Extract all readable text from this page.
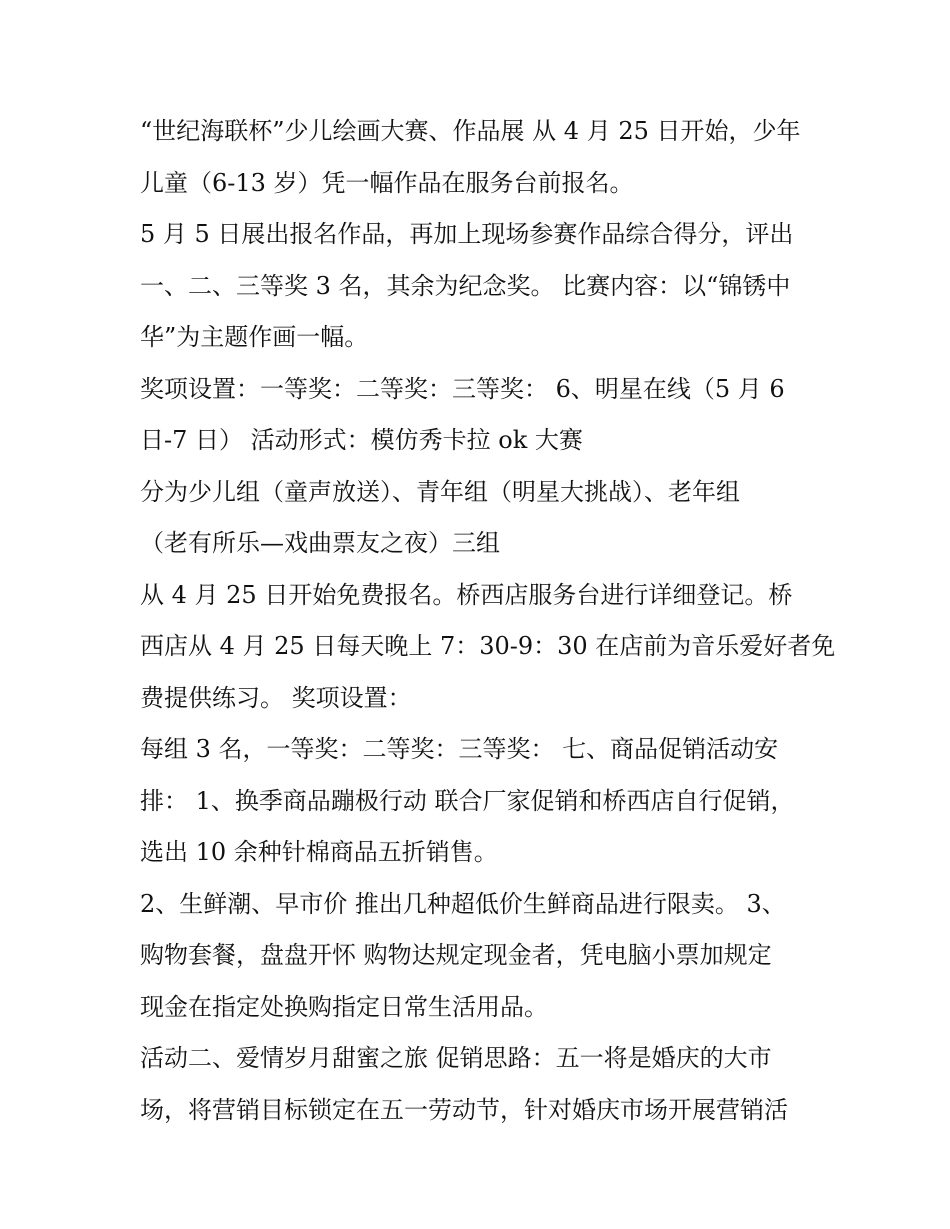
“世纪海联杯”少儿绘画大赛、作品展 从 4 月 25 日开始，少年
儿童（6-13 岁）凭一幅作品在服务台前报名。
5 月 5 日展出报名作品，再加上现场参赛作品综合得分，评出
一、二、三等奖 3 名，其余为纪念奖。 比赛内容：以“锦锈中
华”为主题作画一幅。
奖项设置：一等奖：二等奖：三等奖： 6、明星在线（5 月 6
日-7 日） 活动形式：模仿秀卡拉 ok 大赛
分为少儿组（童声放送）、青年组（明星大挑战）、老年组
（老有所乐—戏曲票友之夜）三组
从 4 月 25 日开始免费报名。桥西店服务台进行详细登记。桥
西店从 4 月 25 日每天晚上 7：30-9：30 在店前为音乐爱好者免
费提供练习。 奖项设置：
每组 3 名，一等奖：二等奖：三等奖： 七、商品促销活动安
排： 1、换季商品蹦极行动 联合厂家促销和桥西店自行促销，
选出 10 余种针棉商品五折销售。
2、生鲜潮、早市价 推出几种超低价生鲜商品进行限卖。 3、
购物套餐，盘盘开怀 购物达规定现金者，凭电脑小票加规定
现金在指定处换购指定日常生活用品。
活动二、爱情岁月甜蜜之旅 促销思路：五一将是婚庆的大市
场，将营销目标锁定在五一劳动节，针对婚庆市场开展营销活
